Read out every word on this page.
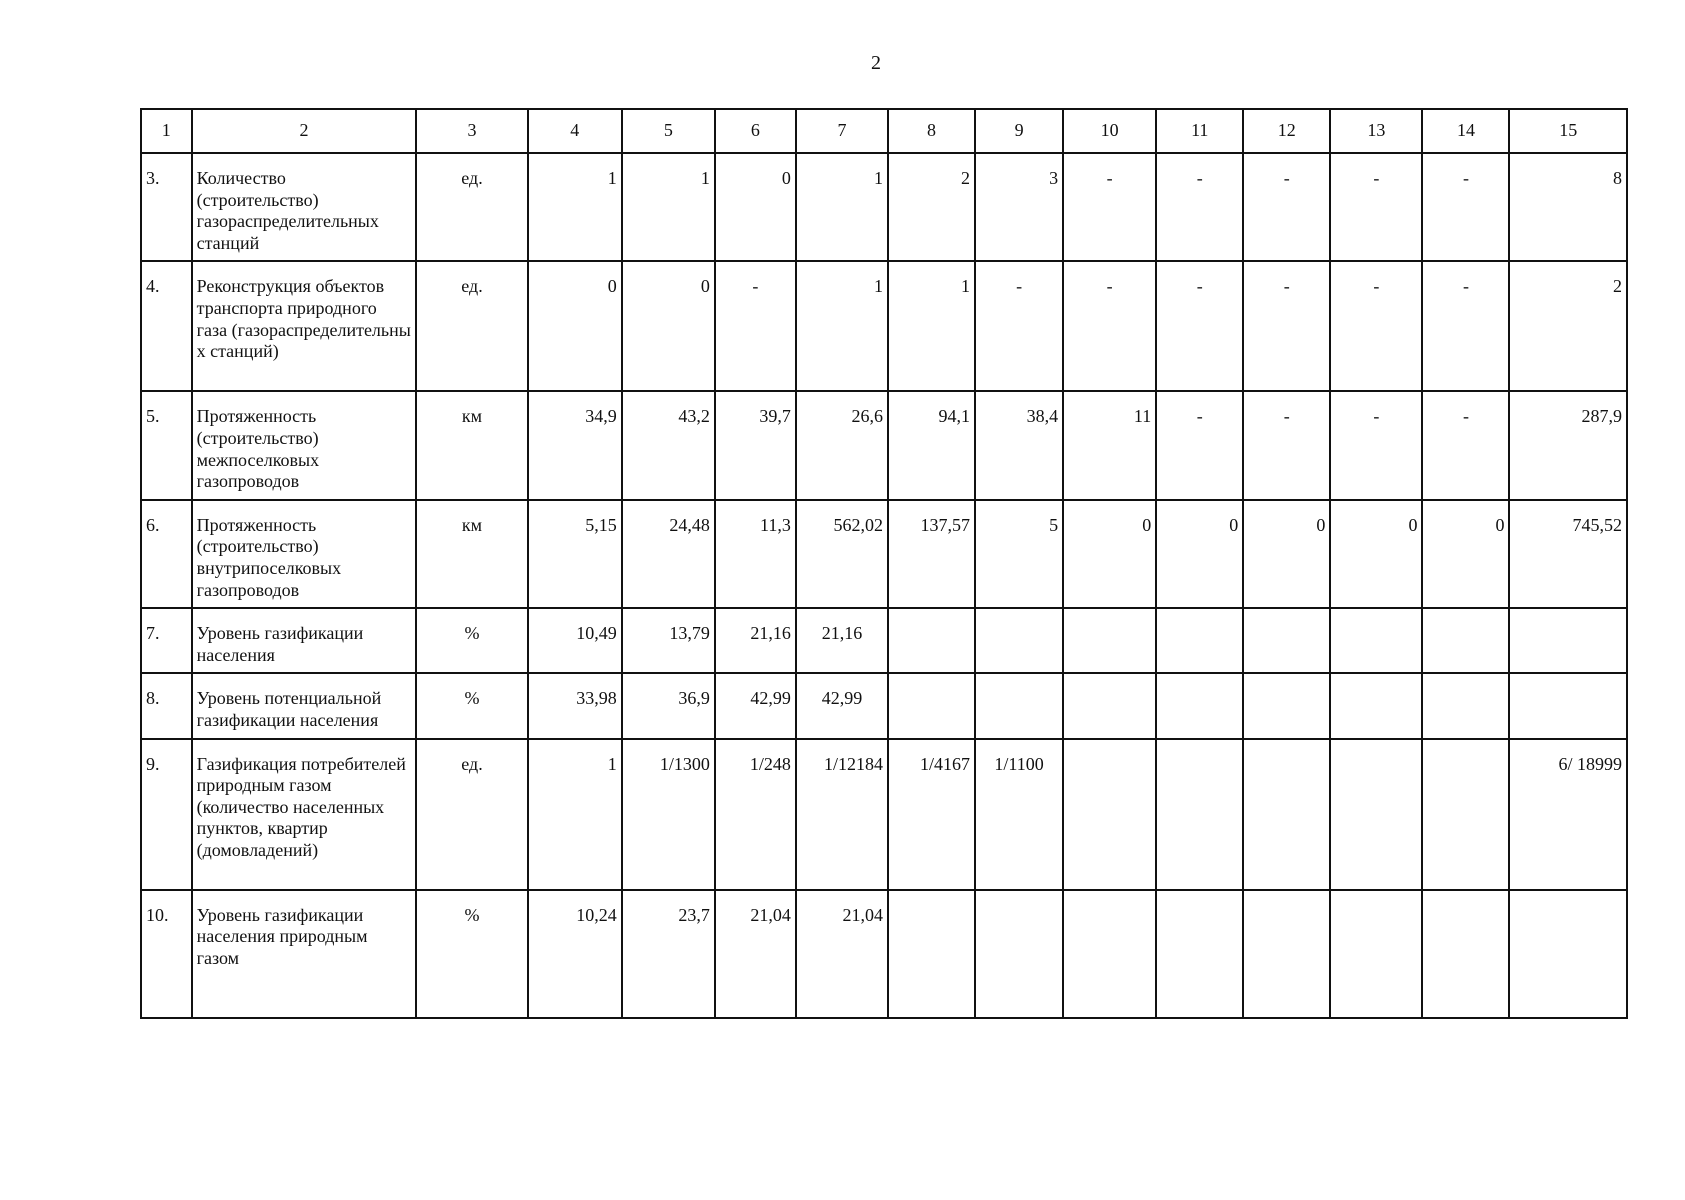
2
1	2	3	4	5	6	7	8	9	10	11	12	13	14	15
3.	Количество (строительство) газораспределительных станций	ед.	1	1	0	1	2	3	-	-	-	-	-	8
4.	Реконструкция объектов транспорта природного газа (газораспределительны х станций)	ед.	0	0	-	1	1	-	-	-	-	-	-	2
5.	Протяженность (строительство) межпоселковых газопроводов	км	34,9	43,2	39,7	26,6	94,1	38,4	11	-	-	-	-	287,9
6.	Протяженность (строительство) внутрипоселковых газопроводов	км	5,15	24,48	11,3	562,02	137,57	5	0	0	0	0	0	745,52
7.	Уровень газификации населения	%	10,49	13,79	21,16	21,16								
8.	Уровень потенциальной газификации населения	%	33,98	36,9	42,99	42,99								
9.	Газификация потребителей природным газом (количество населенных пунктов, квартир (домовладений)	ед.	1	1/1300	1/248	1/12184	1/4167	1/1100						6/ 18999
10.	Уровень газификации населения природным газом	%	10,24	23,7	21,04	21,04								
